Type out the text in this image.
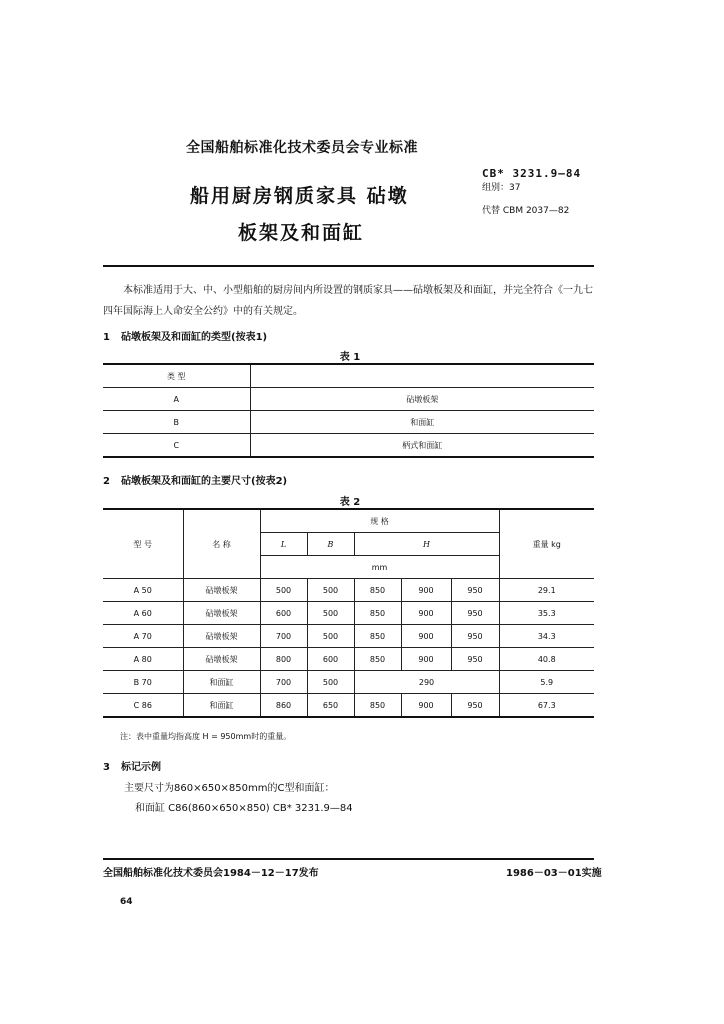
全国船舶标准化技术委员会专业标准
船用厨房钢质家具 砧墩
板架及和面缸
CB* 3231.9—84
组别：37
代替 CBM 2037—82
本标准适用于大、中、小型船舶的厨房间内所设置的钢质家具——砧墩板架及和面缸，并完全符合《一九七四年国际海上人命安全公约》中的有关规定。
1 砧墩板架及和面缸的类型(按表1)
表 1
类 型	
A	砧墩板架
B	和面缸
C	柄式和面缸
2 砧墩板架及和面缸的主要尺寸(按表2)
表 2
型 号	名 称	规 格					重量 kg
		L	B	H			
		mm					
A 50	砧墩板架	500	500	850	900	950	29.1
A 60	砧墩板架	600	500	850	900	950	35.3
A 70	砧墩板架	700	500	850	900	950	34.3
A 80	砧墩板架	800	600	850	900	950	40.8
B 70	和面缸	700	500	290			5.9
C 86	和面缸	860	650	850	900	950	67.3
注：表中重量均指高度 H = 950mm时的重量。
3 标记示例
主要尺寸为860×650×850mm的C型和面缸：
和面缸 C86(860×650×850) CB* 3231.9—84
全国船舶标准化技术委员会1984－12－17发布	1986－03－01实施
64
